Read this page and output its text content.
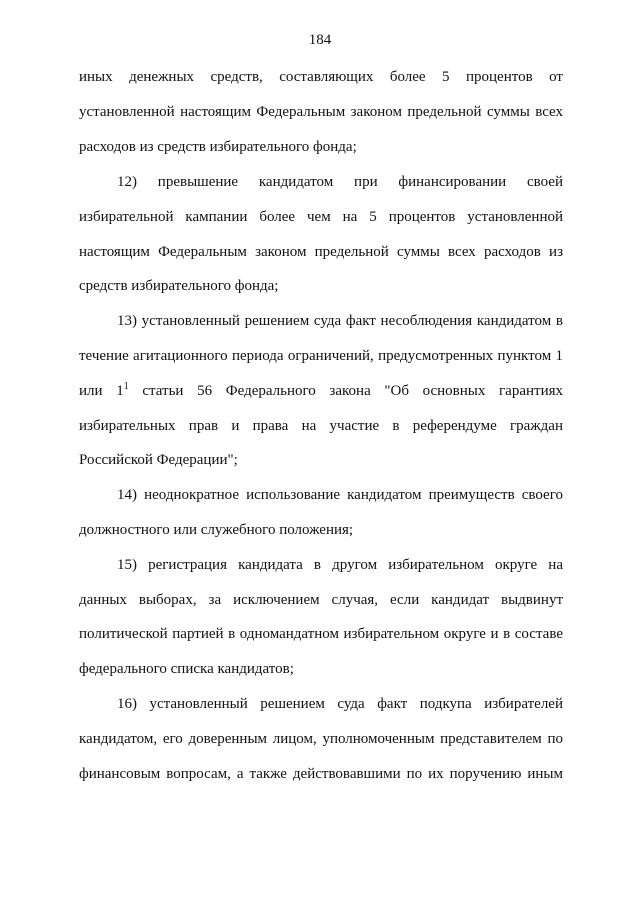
184
иных денежных средств, составляющих более 5 процентов от
установленной настоящим Федеральным законом предельной суммы всех
расходов из средств избирательного фонда;
12) превышение кандидатом при финансировании своей
избирательной кампании более чем на 5 процентов установленной
настоящим Федеральным законом предельной суммы всех расходов из
средств избирательного фонда;
13) установленный решением суда факт несоблюдения кандидатом в
течение агитационного периода ограничений, предусмотренных пунктом 1
или $1^1$ статьи 56 Федерального закона "Об основных гарантиях
избирательных прав и права на участие в референдуме граждан
Российской Федерации";
14) неоднократное использование кандидатом преимуществ своего
должностного или служебного положения;
15) регистрация кандидата в другом избирательном округе на
данных выборах, за исключением случая, если кандидат выдвинут
политической партией в одномандатном избирательном округе и в составе
федерального списка кандидатов;
16) установленный решением суда факт подкупа избирателей
кандидатом, его доверенным лицом, уполномоченным представителем по
финансовым вопросам, а также действовавшими по их поручению иным
